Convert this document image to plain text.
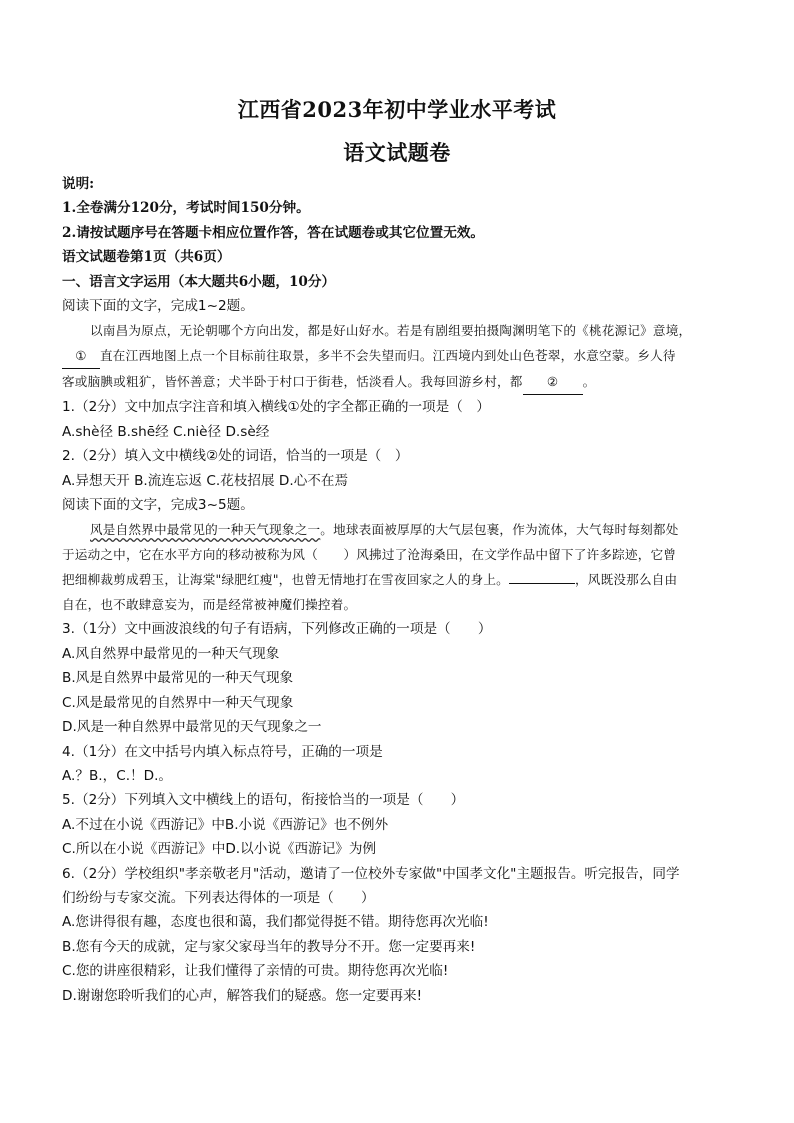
江西省2023年初中学业水平考试
语文试题卷

说明:

1.全卷满分120分，考试时间150分钟。

2.请按试题序号在答题卡相应位置作答，答在试题卷或其它位置无效。

语文试题卷第1页（共6页）

一、语言文字运用（本大题共6小题，10分）

阅读下面的文字，完成1~2题。

以南昌为原点，无论朝哪个方向出发，都是好山好水。若是有剧组要拍摄陶渊明笔下的《桃花源记》意境，

① 直在江西地图上点一个目标前往取景，多半不会失望而归。江西境内到处山色苍翠，水意空蒙。乡人待

客或脑腆或粗犷，皆怀善意；犬半卧于村口于街巷，恬淡看人。我每回游乡村，都 ② 。

1.（2分）文中加点字注音和填入横线①处的字全都正确的一项是（　）

A.shè径 B.shē经 C.niè径 D.sè经

2.（2分）填入文中横线②处的词语，恰当的一项是（　）

A.异想天开 B.流连忘返 C.花枝招展 D.心不在焉

阅读下面的文字，完成3~5题。

风是自然界中最常见的一种天气现象之一。地球表面被厚厚的大气层包裹，作为流体，大气每时每刻都处

于运动之中，它在水平方向的移动被称为风（　　）风拂过了沧海桑田，在文学作品中留下了许多踪迹，它曾

把细柳裁剪成碧玉，让海棠"绿肥红瘦"，也曾无情地打在雪夜回家之人的身上。	，风既没那么自由

自在，也不敢肆意妄为，而是经常被神魔们操控着。

3.（1分）文中画波浪线的句子有语病，下列修改正确的一项是（　　）

A.风自然界中最常见的一种天气现象

B.风是自然界中最常见的一种天气现象

C.风是最常见的自然界中一种天气现象

D.风是一种自然界中最常见的天气现象之一

4.（1分）在文中括号内填入标点符号，正确的一项是

A.？B.，C.！D.。

5.（2分）下列填入文中横线上的语句，衔接恰当的一项是（　　）

A.不过在小说《西游记》中B.小说《西游记》也不例外

C.所以在小说《西游记》中D.以小说《西游记》为例

6.（2分）学校组织"孝亲敬老月"活动，邀请了一位校外专家做"中国孝文化"主题报告。听完报告，同学

们纷纷与专家交流。下列表达得体的一项是（　　）

A.您讲得很有趣，态度也很和蔼，我们都觉得挺不错。期待您再次光临!

B.您有今天的成就，定与家父家母当年的教导分不开。您一定要再来!

C.您的讲座很精彩，让我们懂得了亲情的可贵。期待您再次光临!

D.谢谢您聆听我们的心声，解答我们的疑惑。您一定要再来!
